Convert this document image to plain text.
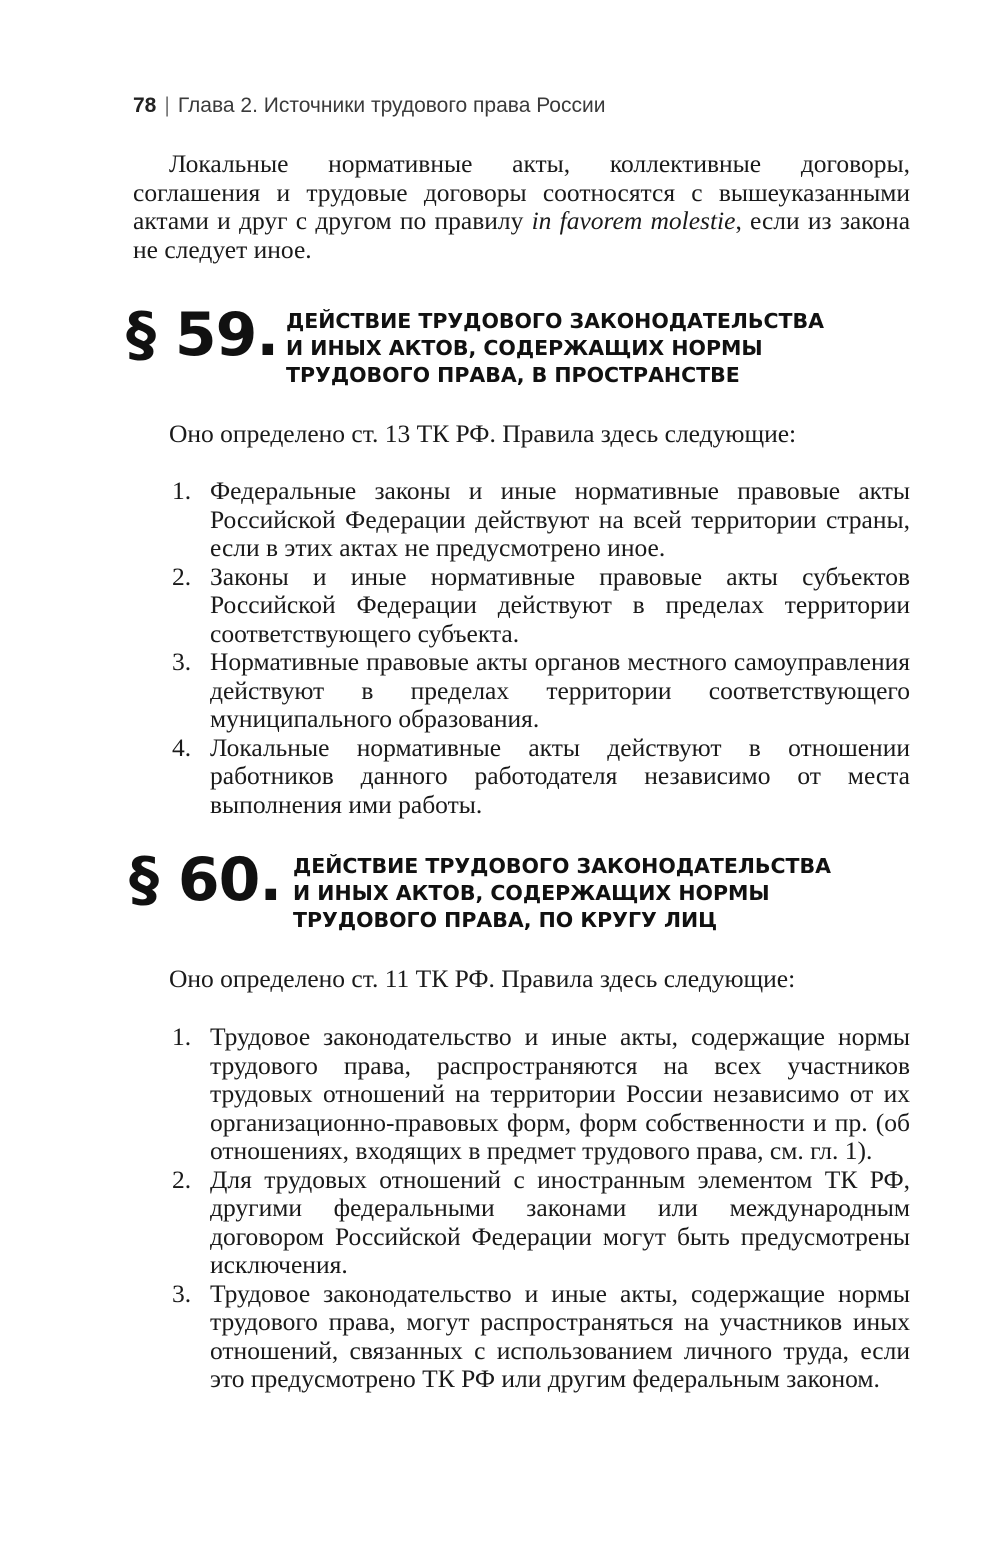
78 | Глава 2. Источники трудового права России

Локальные нормативные акты, коллективные договоры, соглашения и трудовые договоры соотносятся с вышеуказанными актами и друг с другом по правилу in favorem molestie, если из закона не следует иное.

§ 59. ДЕЙСТВИЕ ТРУДОВОГО ЗАКОНОДАТЕЛЬСТВА
И ИНЫХ АКТОВ, СОДЕРЖАЩИХ НОРМЫ
ТРУДОВОГО ПРАВА, В ПРОСТРАНСТВЕ

Оно определено ст. 13 ТК РФ. Правила здесь следующие:

1. Федеральные законы и иные нормативные правовые акты Российской Федерации действуют на всей территории страны, если в этих актах не предусмотрено иное.
2. Законы и иные нормативные правовые акты субъектов Российской Федерации действуют в пределах территории соответствующего субъекта.
3. Нормативные правовые акты органов местного самоуправления действуют в пределах территории соответствующего муниципального образования.
4. Локальные нормативные акты действуют в отношении работников данного работодателя независимо от места выполнения ими работы.
§ 60. ДЕЙСТВИЕ ТРУДОВОГО ЗАКОНОДАТЕЛЬСТВА
И ИНЫХ АКТОВ, СОДЕРЖАЩИХ НОРМЫ
ТРУДОВОГО ПРАВА, ПО КРУГУ ЛИЦ

Оно определено ст. 11 ТК РФ. Правила здесь следующие:

1. Трудовое законодательство и иные акты, содержащие нормы трудового права, распространяются на всех участников трудовых отношений на территории России независимо от их организационно-правовых форм, форм собственности и пр. (об отношениях, входящих в предмет трудового права, см. гл. 1).
2. Для трудовых отношений с иностранным элементом ТК РФ, другими федеральными законами или международным договором Российской Федерации могут быть предусмотрены исключения.
3. Трудовое законодательство и иные акты, содержащие нормы трудового права, могут распространяться на участников иных отношений, связанных с использованием личного труда, если это предусмотрено ТК РФ или другим федеральным законом.
